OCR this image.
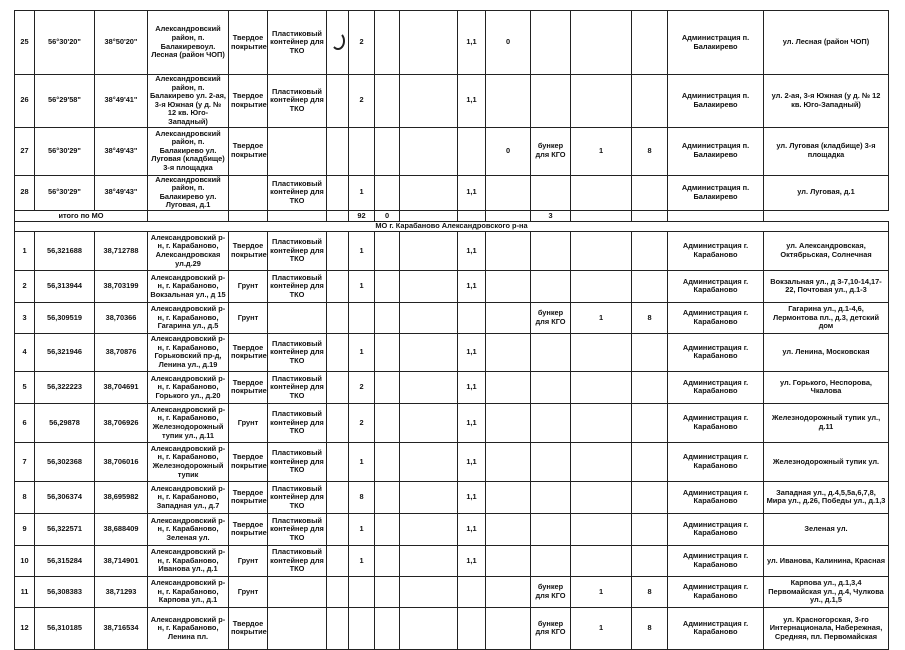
25	56°30'20"	38°50'20"	Александровский район, п. Балакиревоул. Лесная (район ЧОП)	Твердое покрытие	Пластиковый контейнер для ТКО		2			1,1	0				Администрация п. Балакирево	ул. Лесная (район ЧОП)
26	56°29'58"	38°49'41"	Александровский район, п. Балакирево ул. 2-ая, 3-я Южная (у д. № 12 кв. Юго-Западный)	Твердое покрытие	Пластиковый контейнер для ТКО		2			1,1					Администрация п. Балакирево	ул. 2-ая, 3-я Южная (у д. № 12 кв. Юго-Западный)
27	56°30'29"	38°49'43"	Александровский район, п. Балакирево ул. Луговая (кладбище) 3-я площадка	Твердое покрытие							0	бункер для КГО	1	8	Администрация п. Балакирево	ул. Луговая (кладбище) 3-я площадка
28	56°30'29"	38°49'43"	Александровский район, п. Балакирево ул. Луговая, д.1		Пластиковый контейнер для ТКО		1			1,1					Администрация п. Балакирево	ул. Луговая, д.1
итого по МО							92	0				3				
МО г. Карабаново Александровского р-на																
1	56,321688	38,712788	Александровский р-н, г. Карабаново, Александровская ул.д.29	Твердое покрытие	Пластиковый контейнер для ТКО		1			1,1					Администрация г. Карабаново	ул. Александровская, Октябрьская, Солнечная
2	56,313944	38,703199	Александровский р-н, г. Карабаново, Вокзальная ул., д 15	Грунт	Пластиковый контейнер для ТКО		1			1,1					Администрация г. Карабаново	Вокзальная ул., д 3-7,10-14,17-22, Почтовая ул., д.1-3
3	56,309519	38,70366	Александровский р-н, г. Карабаново, Гагарина ул., д.5	Грунт								бункер для КГО	1	8	Администрация г. Карабаново	Гагарина ул., д.1-4,6, Лермонтова пл., д.3, детский дом
4	56,321946	38,70876	Александровский р-н, г. Карабаново, Горьковский пр-д, Ленина ул., д.19	Твердое покрытие	Пластиковый контейнер для ТКО		1			1,1					Администрация г. Карабаново	ул. Ленина, Московская
5	56,322223	38,704691	Александровский р-н, г. Карабаново, Горького ул., д.20	Твердое покрытие	Пластиковый контейнер для ТКО		2			1,1					Администрация г. Карабаново	ул. Горького, Неспорова, Чкалова
6	56,29878	38,706926	Александровский р-н, г. Карабаново, Железнодорожный тупик ул., д.11	Грунт	Пластиковый контейнер для ТКО		2			1,1					Администрация г. Карабаново	Железнодорожный тупик ул., д.11
7	56,302368	38,706016	Александровский р-н, г. Карабаново, Железнодорожный тупик	Твердое покрытие	Пластиковый контейнер для ТКО		1			1,1					Администрация г. Карабаново	Железнодорожный тупик ул.
8	56,306374	38,695982	Александровский р-н, г. Карабаново, Западная ул., д.7	Твердое покрытие	Пластиковый контейнер для ТКО		8			1,1					Администрация г. Карабаново	Западная ул., д.4,5,5а,6,7,8, Мира ул., д.26, Победы ул., д.1,3
9	56,322571	38,688409	Александровский р-н, г. Карабаново, Зеленая ул.	Твердое покрытие	Пластиковый контейнер для ТКО		1			1,1					Администрация г. Карабаново	Зеленая ул.
10	56,315284	38,714901	Александровский р-н, г. Карабаново, Иванова ул., д.1	Грунт	Пластиковый контейнер для ТКО		1			1,1					Администрация г. Карабаново	ул. Иванова, Калинина, Красная
11	56,308383	38,71293	Александровский р-н, г. Карабаново, Карпова ул., д.1	Грунт								бункер для КГО	1	8	Администрация г. Карабаново	Карпова ул., д.1,3,4 Первомайская ул., д.4, Чулкова ул., д.1,5
12	56,310185	38,716534	Александровский р-н, г. Карабаново, Ленина пл.	Твердое покрытие								бункер для КГО	1	8	Администрация г. Карабаново	ул. Красногорская, 3-го Интернационала, Набережная, Средняя, пл. Первомайская
